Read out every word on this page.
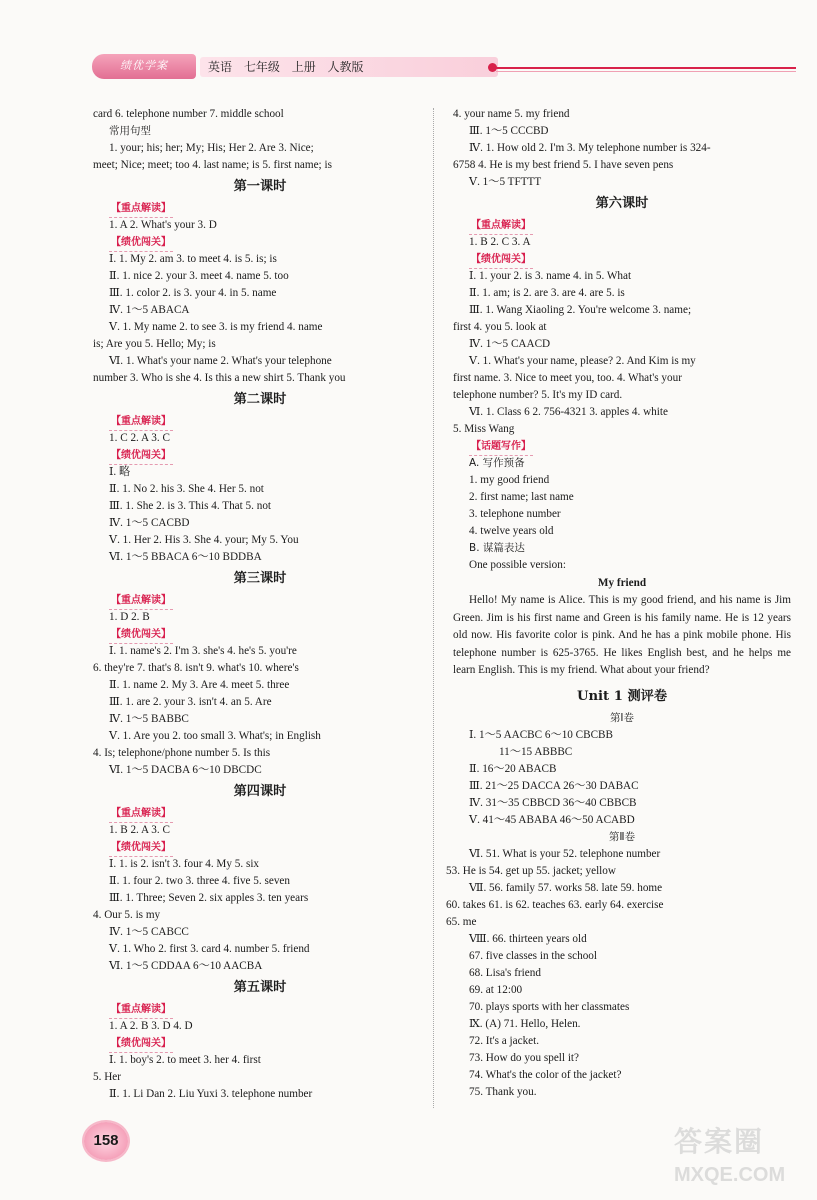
绩优学案	英语 七年级 上册 人教版
card 6. telephone number 7. middle school
常用句型
1. your; his; her; My; His; Her 2. Are 3. Nice;
meet; Nice; meet; too 4. last name; is 5. first name; is
第一课时
【重点解读】
1. A 2. What's your 3. D
【绩优闯关】
Ⅰ. 1. My 2. am 3. to meet 4. is 5. is; is
Ⅱ. 1. nice 2. your 3. meet 4. name 5. too
Ⅲ. 1. color 2. is 3. your 4. in 5. name
Ⅳ. 1～5 ABACA
Ⅴ. 1. My name 2. to see 3. is my friend 4. name
is; Are you 5. Hello; My; is
Ⅵ. 1. What's your name 2. What's your telephone
number 3. Who is she 4. Is this a new shirt 5. Thank you
第二课时
【重点解读】
1. C 2. A 3. C
【绩优闯关】
Ⅰ. 略
Ⅱ. 1. No 2. his 3. She 4. Her 5. not
Ⅲ. 1. She 2. is 3. This 4. That 5. not
Ⅳ. 1～5 CACBD
Ⅴ. 1. Her 2. His 3. She 4. your; My 5. You
Ⅵ. 1～5 BBACA 6～10 BDDBA
第三课时
【重点解读】
1. D 2. B
【绩优闯关】
Ⅰ. 1. name's 2. I'm 3. she's 4. he's 5. you're
6. they're 7. that's 8. isn't 9. what's 10. where's
Ⅱ. 1. name 2. My 3. Are 4. meet 5. three
Ⅲ. 1. are 2. your 3. isn't 4. an 5. Are
Ⅳ. 1～5 BABBC
Ⅴ. 1. Are you 2. too small 3. What's; in English
4. Is; telephone/phone number 5. Is this
Ⅵ. 1～5 DACBA 6～10 DBCDC
第四课时
【重点解读】
1. B 2. A 3. C
【绩优闯关】
Ⅰ. 1. is 2. isn't 3. four 4. My 5. six
Ⅱ. 1. four 2. two 3. three 4. five 5. seven
Ⅲ. 1. Three; Seven 2. six apples 3. ten years
4. Our 5. is my
Ⅳ. 1～5 CABCC
Ⅴ. 1. Who 2. first 3. card 4. number 5. friend
Ⅵ. 1～5 CDDAA 6～10 AACBA
第五课时
【重点解读】
1. A 2. B 3. D 4. D
【绩优闯关】
Ⅰ. 1. boy's 2. to meet 3. her 4. first
5. Her
Ⅱ. 1. Li Dan 2. Liu Yuxi 3. telephone number
4. your name 5. my friend
Ⅲ. 1～5 CCCBD
Ⅳ. 1. How old 2. I'm 3. My telephone number is 324-
6758 4. He is my best friend 5. I have seven pens
Ⅴ. 1～5 TFTTT
第六课时
【重点解读】
1. B 2. C 3. A
【绩优闯关】
Ⅰ. 1. your 2. is 3. name 4. in 5. What
Ⅱ. 1. am; is 2. are 3. are 4. are 5. is
Ⅲ. 1. Wang Xiaoling 2. You're welcome 3. name;
first 4. you 5. look at
Ⅳ. 1～5 CAACD
Ⅴ. 1. What's your name, please? 2. And Kim is my
first name. 3. Nice to meet you, too. 4. What's your
telephone number? 5. It's my ID card.
Ⅵ. 1. Class 6 2. 756-4321 3. apples 4. white
5. Miss Wang
【话题写作】
A. 写作预备
1. my good friend
2. first name; last name
3. telephone number
4. twelve years old
B. 谋篇表达
One possible version:
My friend
Hello! My name is Alice. This is my good friend, and his name is Jim Green. Jim is his first name and Green is his family name. He is 12 years old now. His favorite color is pink. And he has a pink mobile phone. His telephone number is 625-3765. He likes English best, and he helps me learn English. This is my friend. What about your friend?
Unit 1 测评卷
第Ⅰ卷
Ⅰ. 1～5 AACBC 6～10 CBCBB
11～15 ABBBC
Ⅱ. 16～20 ABACB
Ⅲ. 21～25 DACCA 26～30 DABAC
Ⅳ. 31～35 CBBCD 36～40 CBBCB
Ⅴ. 41～45 ABABA 46～50 ACABD
第Ⅱ卷
Ⅵ. 51. What is your 52. telephone number
53. He is 54. get up 55. jacket; yellow
Ⅶ. 56. family 57. works 58. late 59. home
60. takes 61. is 62. teaches 63. early 64. exercise
65. me
Ⅷ. 66. thirteen years old
67. five classes in the school
68. Lisa's friend
69. at 12:00
70. plays sports with her classmates
Ⅸ. (A) 71. Hello, Helen.
72. It's a jacket.
73. How do you spell it?
74. What's the color of the jacket?
75. Thank you.
158	答案圈
MXQE.COM
